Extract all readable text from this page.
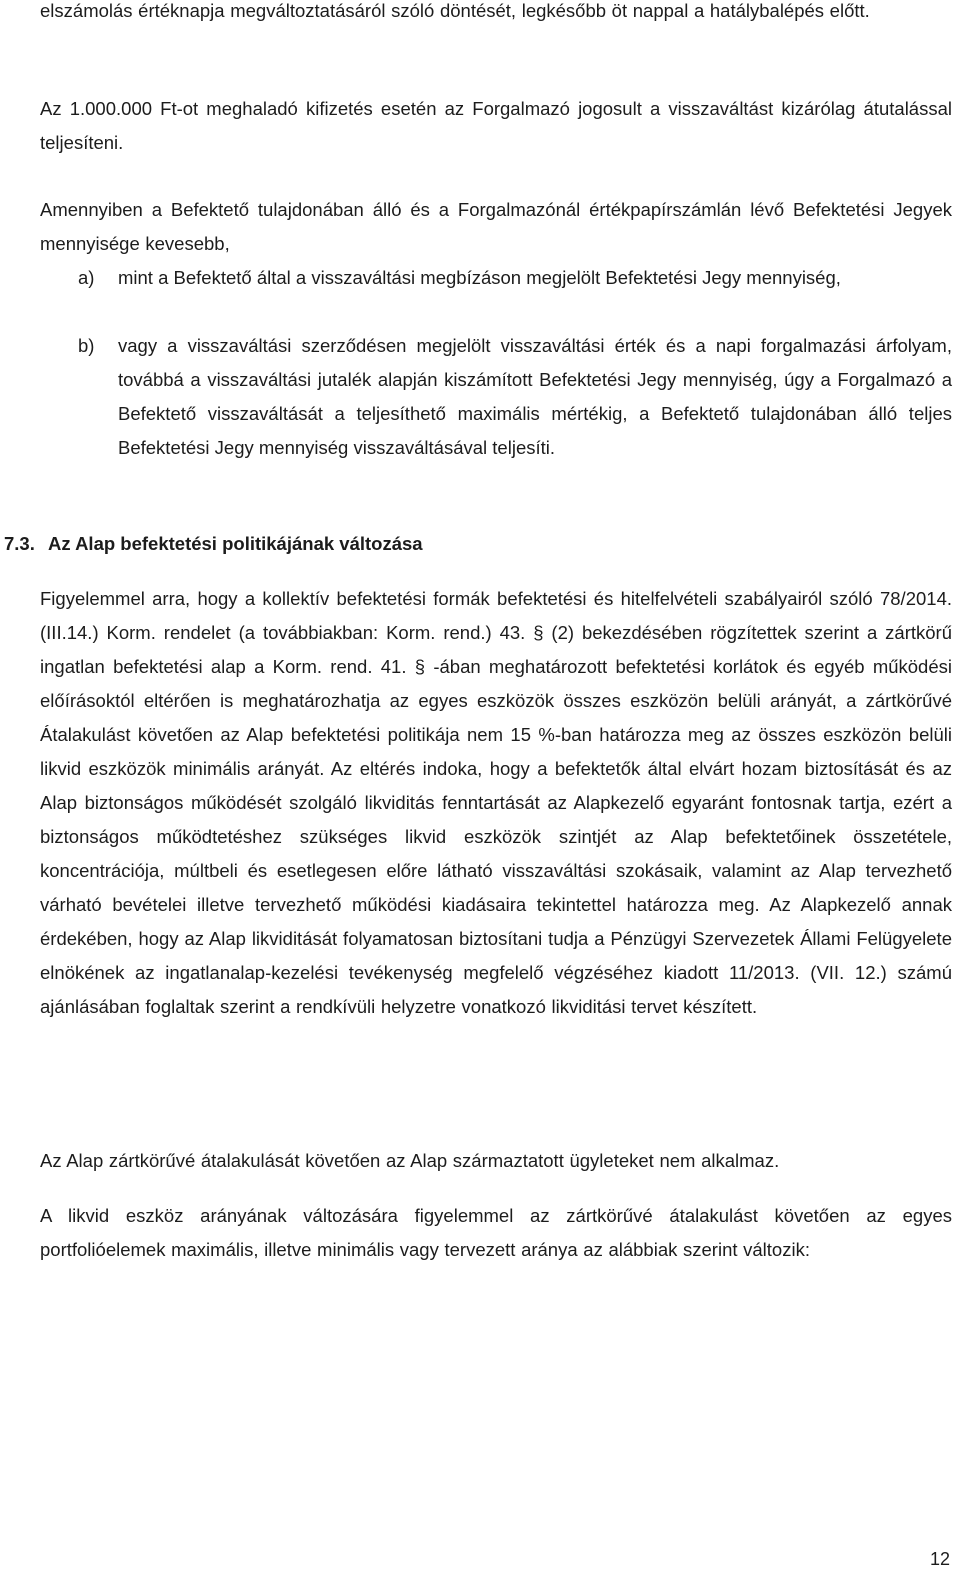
elszámolás értéknapja megváltoztatásáról szóló döntését, legkésőbb öt nappal a hatálybalépés előtt.

Az 1.000.000 Ft-ot meghaladó kifizetés esetén az Forgalmazó jogosult a visszaváltást kizárólag átutalással teljesíteni.

Amennyiben a Befektető tulajdonában álló és a Forgalmazónál értékpapírszámlán lévő Befektetési Jegyek mennyisége kevesebb,

a)	mint a Befektető által a visszaváltási megbízáson megjelölt Befektetési Jegy mennyiség,
b)	vagy a visszaváltási szerződésen megjelölt visszaváltási érték és a napi forgalmazási árfolyam, továbbá a visszaváltási jutalék alapján kiszámított Befektetési Jegy mennyiség, úgy a Forgalmazó a Befektető visszaváltását a teljesíthető maximális mértékig, a Befektető tulajdonában álló teljes Befektetési Jegy mennyiség visszaváltásával teljesíti.
7.3. Az Alap befektetési politikájának változása

Figyelemmel arra, hogy a kollektív befektetési formák befektetési és hitelfelvételi szabályairól szóló 78/2014. (III.14.) Korm. rendelet (a továbbiakban: Korm. rend.) 43. § (2) bekezdésében rögzítettek szerint a zártkörű ingatlan befektetési alap a Korm. rend. 41. § -ában meghatározott befektetési korlátok és egyéb működési előírásoktól eltérően is meghatározhatja az egyes eszközök összes eszközön belüli arányát, a zártkörűvé Átalakulást követően az Alap befektetési politikája nem 15 %-ban határozza meg az összes eszközön belüli likvid eszközök minimális arányát. Az eltérés indoka, hogy a befektetők által elvárt hozam biztosítását és az Alap biztonságos működését szolgáló likviditás fenntartását az Alapkezelő egyaránt fontosnak tartja, ezért a biztonságos működtetéshez szükséges likvid eszközök szintjét az Alap befektetőinek összetétele, koncentrációja, múltbeli és esetlegesen előre látható visszaváltási szokásaik, valamint az Alap tervezhető várható bevételei illetve tervezhető működési kiadásaira tekintettel határozza meg. Az Alapkezelő annak érdekében, hogy az Alap likviditását folyamatosan biztosítani tudja a Pénzügyi Szervezetek Állami Felügyelete elnökének az ingatlanalap-kezelési tevékenység megfelelő végzéséhez kiadott 11/2013. (VII. 12.) számú ajánlásában foglaltak szerint a rendkívüli helyzetre vonatkozó likviditási tervet készített.

Az Alap zártkörűvé átalakulását követően az Alap származtatott ügyleteket nem alkalmaz.

A likvid eszköz arányának változására figyelemmel az zártkörűvé átalakulást követően az egyes portfolióelemek maximális, illetve minimális vagy tervezett aránya az alábbiak szerint változik:

12
